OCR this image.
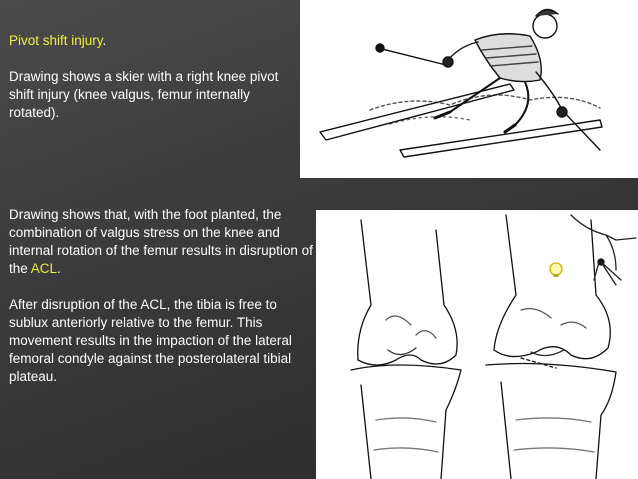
Pivot shift injury.
Drawing shows a skier with a right knee pivot shift injury (knee valgus, femur internally rotated).
Drawing shows that, with the foot planted, the combination of valgus stress on the knee and internal rotation of the femur results in disruption of the ACL.
After disruption of the ACL, the tibia is free to sublux anteriorly relative to the femur. This movement results in the impaction of the lateral femoral condyle against the posterolateral tibial plateau.
